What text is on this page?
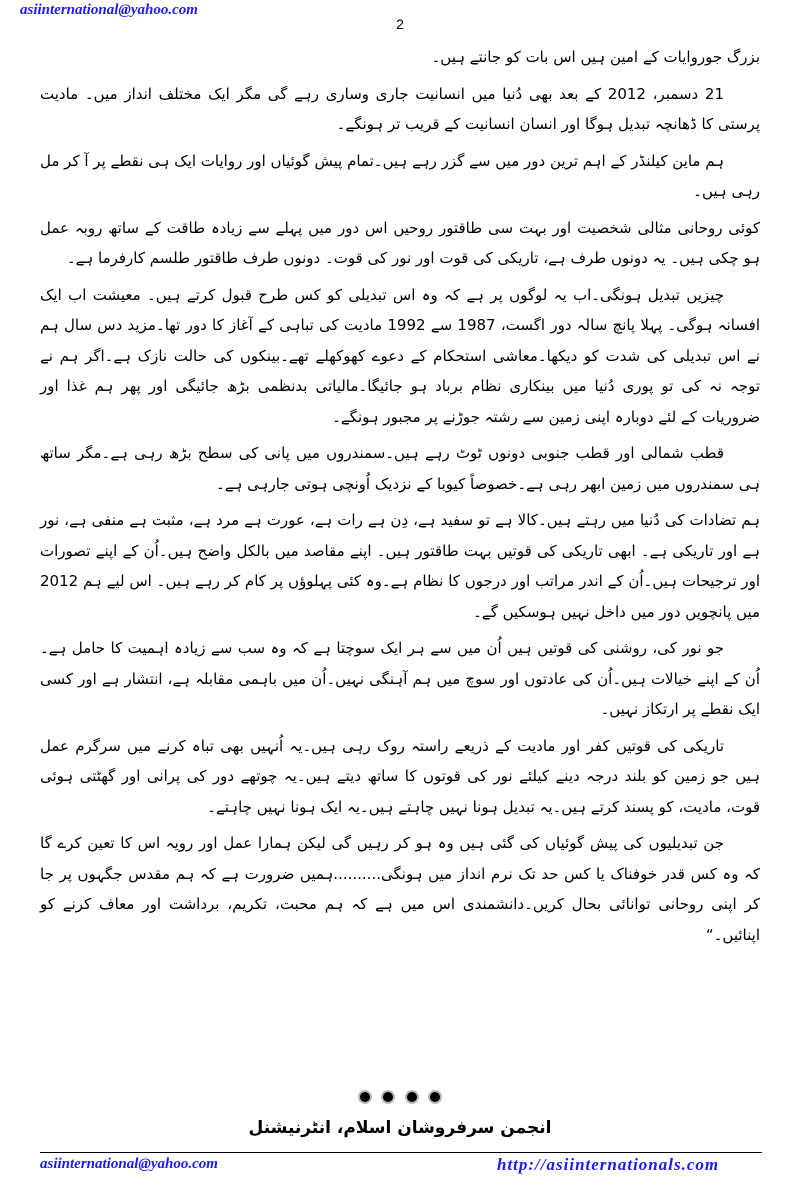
asiinternational@yahoo.com
2

بزرگ جوروایات کے امین ہیں اس بات کو جانتے ہیں۔

21 دسمبر، 2012 کے بعد بھی دُنیا میں انسانیت جاری وساری رہے گی مگر ایک مختلف انداز میں۔ مادیت پرستی کا ڈھانچہ تبدیل ہوگا اور انسان انسانیت کے قریب تر ہونگے۔

ہم ماین کیلنڈر کے اہم ترین دور میں سے گزر رہے ہیں۔تمام پیش گوئیاں اور روایات ایک ہی نقطے پر آ کر مل رہی ہیں۔

کوئی روحانی مثالی شخصیت اور بہت سی طاقتور روحیں اس دور میں پہلے سے زیادہ طاقت کے ساتھ روبہ عمل ہو چکی ہیں۔ یہ دونوں طرف ہے، تاریکی کی قوت اور نور کی قوت۔ دونوں طرف طاقتور طلسم کارفرما ہے۔

چیزیں تبدیل ہونگی۔اب یہ لوگوں پر ہے کہ وہ اس تبدیلی کو کس طرح قبول کرتے ہیں۔ معیشت اب ایک افسانہ ہوگی۔ پہلا پانچ سالہ دور اگست، 1987 سے 1992 مادیت کی تباہی کے آغاز کا دور تھا۔مزید دس سال ہم نے اس تبدیلی کی شدت کو دیکھا۔معاشی استحکام کے دعوے کھوکھلے تھے۔بینکوں کی حالت نازک ہے۔اگر ہم نے توجہ نہ کی تو پوری دُنیا میں بینکاری نظام برباد ہو جائیگا۔مالیاتی بدنظمی بڑھ جائیگی اور پھر ہم غذا اور ضروریات کے لئے دوبارہ اپنی زمین سے رشتہ جوڑنے پر مجبور ہونگے۔

قطب شمالی اور قطب جنوبی دونوں ٹوٹ رہے ہیں۔سمندروں میں پانی کی سطح بڑھ رہی ہے۔مگر ساتھ ہی سمندروں میں زمین ابھر رہی ہے۔خصوصاً کیوبا کے نزدیک اُونچی ہوتی جارہی ہے۔

ہم تضادات کی دُنیا میں رہتے ہیں۔کالا ہے تو سفید ہے، دِن ہے رات ہے، عورت ہے مرد ہے، مثبت ہے منفی ہے، نور ہے اور تاریکی ہے۔ ابھی تاریکی کی قوتیں بہت طاقتور ہیں۔ اپنے مقاصد میں بالکل واضح ہیں۔اُن کے اپنے تصورات اور ترجیحات ہیں۔اُن کے اندر مراتب اور درجوں کا نظام ہے۔وہ کئی پہلوؤں پر کام کر رہے ہیں۔ اس لیے ہم 2012 میں پانچویں دور میں داخل نہیں ہوسکیں گے۔

جو نور کی، روشنی کی قوتیں ہیں اُن میں سے ہر ایک سوچتا ہے کہ وہ سب سے زیادہ اہمیت کا حامل ہے۔اُن کے اپنے خیالات ہیں۔اُن کی عادتوں اور سوچ میں ہم آہنگی نہیں۔اُن میں باہمی مقابلہ ہے، انتشار ہے اور کسی ایک نقطے پر ارتکاز نہیں۔

تاریکی کی قوتیں کفر اور مادیت کے ذریعے راستہ روک رہی ہیں۔یہ اُنہیں بھی تباہ کرنے میں سرگرم عمل ہیں جو زمین کو بلند درجہ دینے کیلئے نور کی قوتوں کا ساتھ دیتے ہیں۔یہ چوتھے دور کی پرانی اور گھٹتی ہوئی قوت، مادیت، کو پسند کرتے ہیں۔یہ تبدیل ہونا نہیں چاہتے ہیں۔یہ ایک ہونا نہیں چاہتے۔

جن تبدیلیوں کی پیش گوئیاں کی گئی ہیں وہ ہو کر رہیں گی لیکن ہمارا عمل اور رویہ اس کا تعین کرے گا کہ وہ کس قدر خوفناک یا کس حد تک نرم انداز میں ہونگی..........ہمیں ضرورت ہے کہ ہم مقدس جگہوں پر جا کر اپنی روحانی توانائی بحال کریں۔دانشمندی اس میں ہے کہ ہم محبت، تکریم، برداشت اور معاف کرنے کو اپنائیں۔“

انجمن سرفروشان اسلام، انٹرنیشنل
asiinternational@yahoo.com	http://asiinternationals.com
